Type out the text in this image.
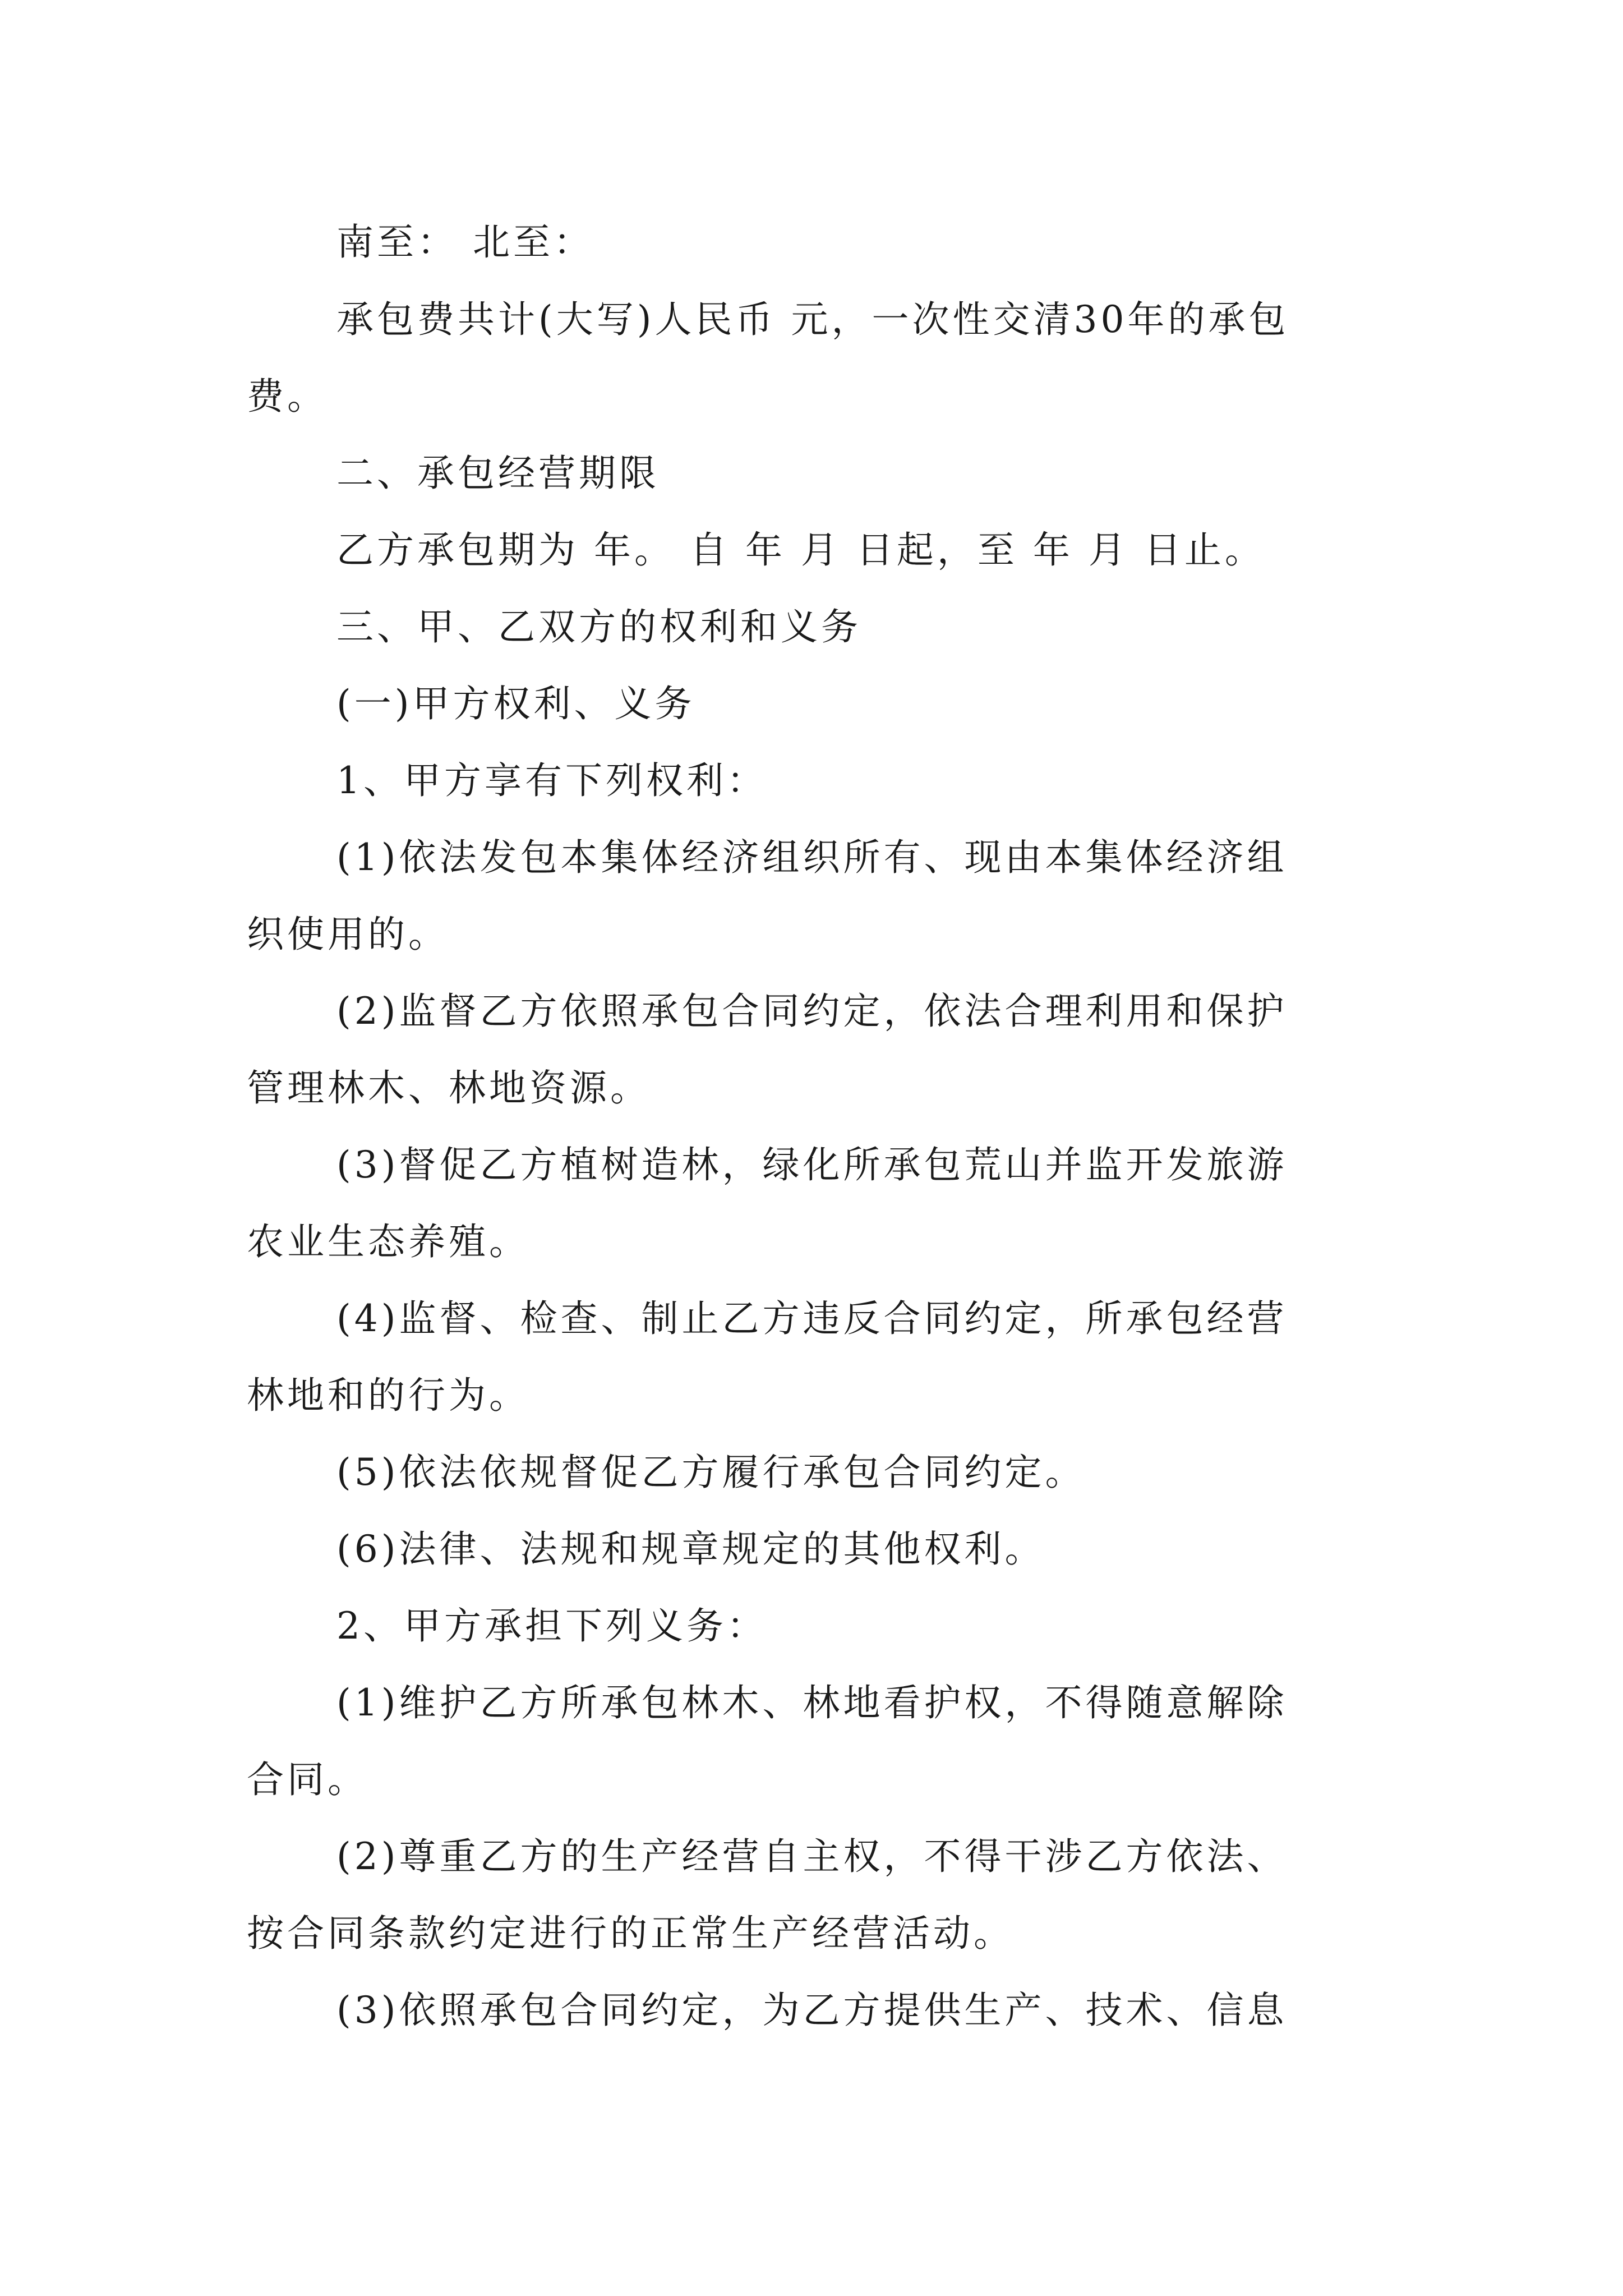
南至： 北至：
承包费共计(大写)人民币 元，一次性交清30年的承包
费。
二、承包经营期限
乙方承包期为 年。 自 年 月 日起，至 年 月 日止。
三、甲、乙双方的权利和义务
(一)甲方权利、义务
1、甲方享有下列权利：
(1)依法发包本集体经济组织所有、现由本集体经济组
织使用的。
(2)监督乙方依照承包合同约定，依法合理利用和保护
管理林木、林地资源。
(3)督促乙方植树造林，绿化所承包荒山并监开发旅游
农业生态养殖。
(4)监督、检查、制止乙方违反合同约定，所承包经营
林地和的行为。
(5)依法依规督促乙方履行承包合同约定。
(6)法律、法规和规章规定的其他权利。
2、甲方承担下列义务：
(1)维护乙方所承包林木、林地看护权，不得随意解除
合同。
(2)尊重乙方的生产经营自主权，不得干涉乙方依法、
按合同条款约定进行的正常生产经营活动。
(3)依照承包合同约定，为乙方提供生产、技术、信息
